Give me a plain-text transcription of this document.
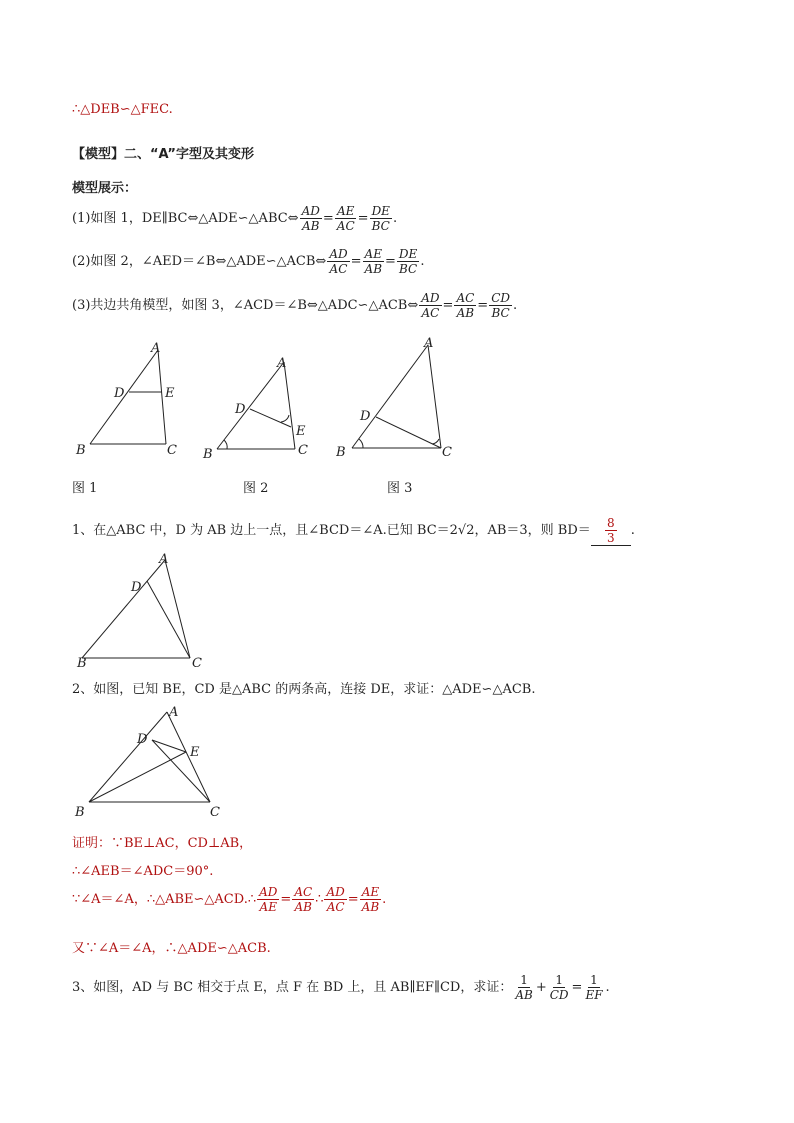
∴△DEB∽△FEC.
【模型】二、“A”字型及其变形
模型展示：
(1)如图 1，DE∥BC⇔△ADE∽△ABC⇔ $\frac{AD}{AB} = \frac{AE}{AC} = \frac{DE}{BC}$ .
(2)如图 2，∠AED＝∠B⇔△ADE∽△ACB⇔ $\frac{AD}{AC} = \frac{AE}{AB} = \frac{DE}{BC}$ .
(3)共边共角模型，如图 3，∠ACD＝∠B⇔△ADC∽△ACB⇔ $\frac{AD}{AC} = \frac{AC}{AB} = \frac{CD}{BC}$ .
A
D	E
B	C
A
D
E
B	C
A
D
B	C
图 1	图 2	图 3
1、在△ABC 中，D 为 AB 边上一点，且∠BCD＝∠A.已知 BC＝2√2，AB＝3，则 $BD= \frac{8}{3}$ .
A
D
B	C
2、如图，已知 BE，CD 是△ABC 的两条高，连接 DE，求证：△ADE∽△ACB.
A
D
E
B	C
证明：∵BE⊥AC，CD⊥AB，
∴∠AEB＝∠ADC＝90°.
∵∠A＝∠A，∴△ABE∽△ACD.∴ $\frac{AD}{AE} = \frac{AC}{AB}$ ∴ $\frac{AD}{AC} = \frac{AE}{AB}$ .
又∵∠A＝∠A，∴△ADE∽△ACB.
3、如图，AD 与 BC 相交于点 E，点 F 在 BD 上，且 AB∥EF∥CD，求证： $\frac{1}{AB} + \frac{1}{CD} = \frac{1}{EF}$ .
